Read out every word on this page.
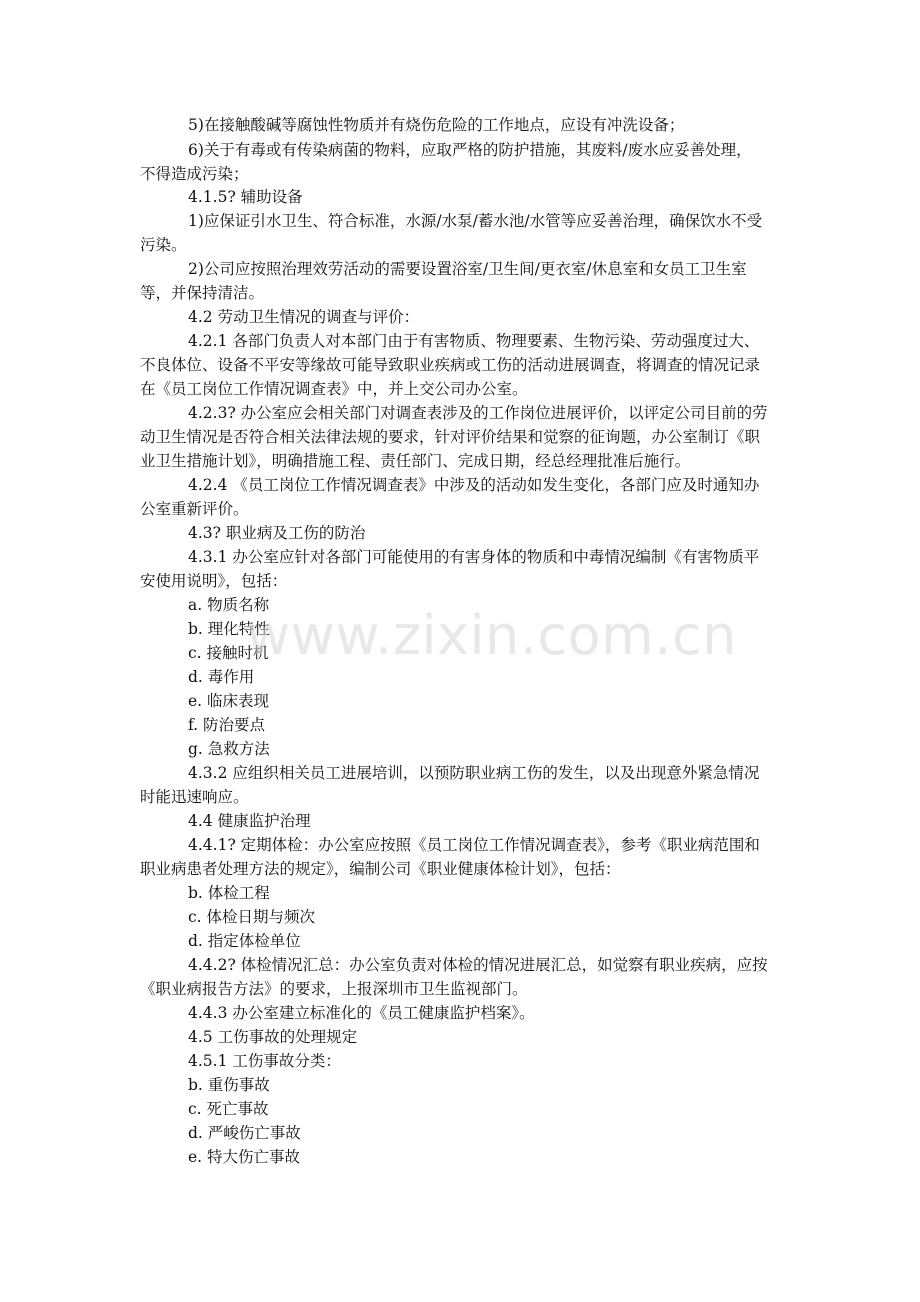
5)在接触酸碱等腐蚀性物质并有烧伤危险的工作地点，应设有冲洗设备；

6)关于有毒或有传染病菌的物料，应取严格的防护措施，其废料/废水应妥善处理，

不得造成污染；

4.1.5? 辅助设备

1)应保证引水卫生、符合标准，水源/水泵/蓄水池/水管等应妥善治理，确保饮水不受

污染。

2)公司应按照治理效劳活动的需要设置浴室/卫生间/更衣室/休息室和女员工卫生室

等，并保持清洁。

4.2 劳动卫生情况的调查与评价：

4.2.1 各部门负责人对本部门由于有害物质、物理要素、生物污染、劳动强度过大、

不良体位、设备不平安等缘故可能导致职业疾病或工伤的活动进展调查，将调查的情况记录

在《员工岗位工作情况调查表》中，并上交公司办公室。

4.2.3? 办公室应会相关部门对调查表涉及的工作岗位进展评价，以评定公司目前的劳

动卫生情况是否符合相关法律法规的要求，针对评价结果和觉察的征询题，办公室制订《职

业卫生措施计划》，明确措施工程、责任部门、完成日期，经总经理批准后施行。

4.2.4 《员工岗位工作情况调查表》中涉及的活动如发生变化，各部门应及时通知办

公室重新评价。

4.3? 职业病及工伤的防治

4.3.1 办公室应针对各部门可能使用的有害身体的物质和中毒情况编制《有害物质平

安使用说明》，包括：

a. 物质名称

b. 理化特性

c. 接触时机

d. 毒作用

e. 临床表现

f. 防治要点

g. 急救方法

4.3.2 应组织相关员工进展培训，以预防职业病工伤的发生，以及出现意外紧急情况

时能迅速响应。

4.4 健康监护治理

4.4.1? 定期体检：办公室应按照《员工岗位工作情况调查表》，参考《职业病范围和

职业病患者处理方法的规定》，编制公司《职业健康体检计划》，包括：

b. 体检工程

c. 体检日期与频次

d. 指定体检单位

4.4.2? 体检情况汇总：办公室负责对体检的情况进展汇总，如觉察有职业疾病，应按

《职业病报告方法》的要求，上报深圳市卫生监视部门。

4.4.3 办公室建立标准化的《员工健康监护档案》。

4.5 工伤事故的处理规定

4.5.1 工伤事故分类：

b. 重伤事故

c. 死亡事故

d. 严峻伤亡事故

e. 特大伤亡事故

www.zixin.com.cn
